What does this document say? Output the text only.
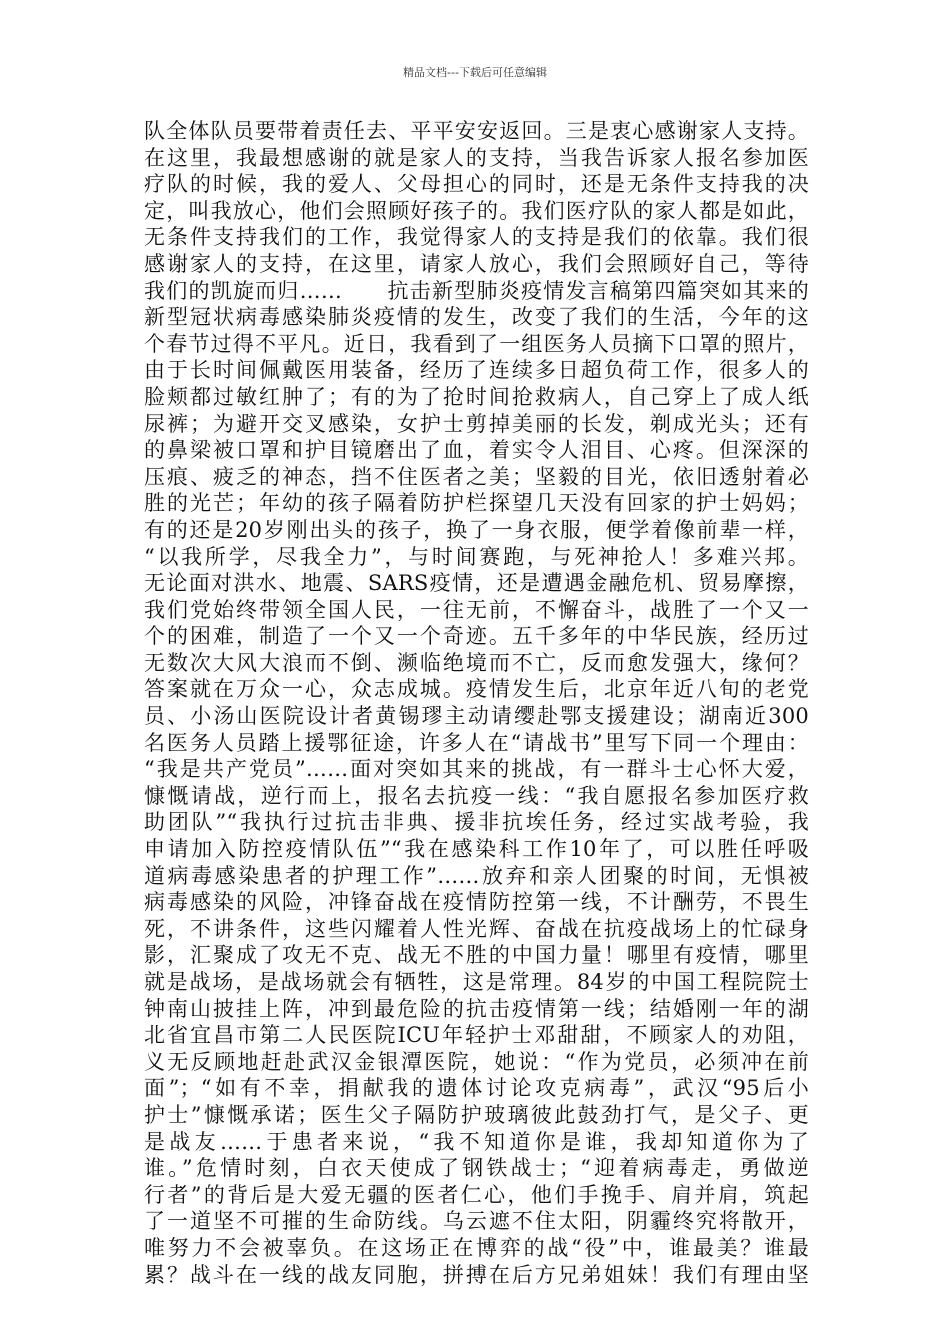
精品文档---下载后可任意编辑
队全体队员要带着责任去、平平安安返回。三是衷心感谢家人支持。
在这里，我最想感谢的就是家人的支持，当我告诉家人报名参加医
疗队的时候，我的爱人、父母担心的同时，还是无条件支持我的决
定，叫我放心，他们会照顾好孩子的。我们医疗队的家人都是如此，
无条件支持我们的工作，我觉得家人的支持是我们的依靠。我们很
感谢家人的支持，在这里，请家人放心，我们会照顾好自己，等待
我们的凯旋而归……　　抗击新型肺炎疫情发言稿第四篇突如其来的
新型冠状病毒感染肺炎疫情的发生，改变了我们的生活，今年的这
个春节过得不平凡。近日，我看到了一组医务人员摘下口罩的照片，
由于长时间佩戴医用装备，经历了连续多日超负荷工作，很多人的
脸颊都过敏红肿了；有的为了抢时间抢救病人，自己穿上了成人纸
尿裤；为避开交叉感染，女护士剪掉美丽的长发，剃成光头；还有
的鼻梁被口罩和护目镜磨出了血，着实令人泪目、心疼。但深深的
压痕、疲乏的神态，挡不住医者之美；坚毅的目光，依旧透射着必
胜的光芒；年幼的孩子隔着防护栏探望几天没有回家的护士妈妈；
有的还是20岁刚出头的孩子，换了一身衣服，便学着像前辈一样，
“以我所学，尽我全力”，与时间赛跑，与死神抢人！多难兴邦。
无论面对洪水、地震、SARS疫情，还是遭遇金融危机、贸易摩擦，
我们党始终带领全国人民，一往无前，不懈奋斗，战胜了一个又一
个的困难，制造了一个又一个奇迹。五千多年的中华民族，经历过
无数次大风大浪而不倒、濒临绝境而不亡，反而愈发强大，缘何？
答案就在万众一心，众志成城。疫情发生后，北京年近八旬的老党
员、小汤山医院设计者黄锡璆主动请缨赴鄂支援建设；湖南近300
名医务人员踏上援鄂征途，许多人在“请战书”里写下同一个理由：
“我是共产党员”……面对突如其来的挑战，有一群斗士心怀大爱，
慷慨请战，逆行而上，报名去抗疫一线：“我自愿报名参加医疗救
助团队”“我执行过抗击非典、援非抗埃任务，经过实战考验，我
申请加入防控疫情队伍”“我在感染科工作10年了，可以胜任呼吸
道病毒感染患者的护理工作”……放弃和亲人团聚的时间，无惧被
病毒感染的风险，冲锋奋战在疫情防控第一线，不计酬劳，不畏生
死，不讲条件，这些闪耀着人性光辉、奋战在抗疫战场上的忙碌身
影，汇聚成了攻无不克、战无不胜的中国力量！哪里有疫情，哪里
就是战场，是战场就会有牺牲，这是常理。84岁的中国工程院院士
钟南山披挂上阵，冲到最危险的抗击疫情第一线；结婚刚一年的湖
北省宜昌市第二人民医院ICU年轻护士邓甜甜，不顾家人的劝阻，
义无反顾地赶赴武汉金银潭医院，她说：“作为党员，必须冲在前
面”；“如有不幸，捐献我的遗体讨论攻克病毒”，武汉“95后小
护士”慷慨承诺；医生父子隔防护玻璃彼此鼓劲打气，是父子、更
是战友……于患者来说，“我不知道你是谁，我却知道你为了
谁。”危情时刻，白衣天使成了钢铁战士；“迎着病毒走，勇做逆
行者”的背后是大爱无疆的医者仁心，他们手挽手、肩并肩，筑起
了一道坚不可摧的生命防线。乌云遮不住太阳，阴霾终究将散开，
唯努力不会被辜负。在这场正在博弈的战“役”中，谁最美？谁最
累？战斗在一线的战友同胞，拼搏在后方兄弟姐妹！我们有理由坚
